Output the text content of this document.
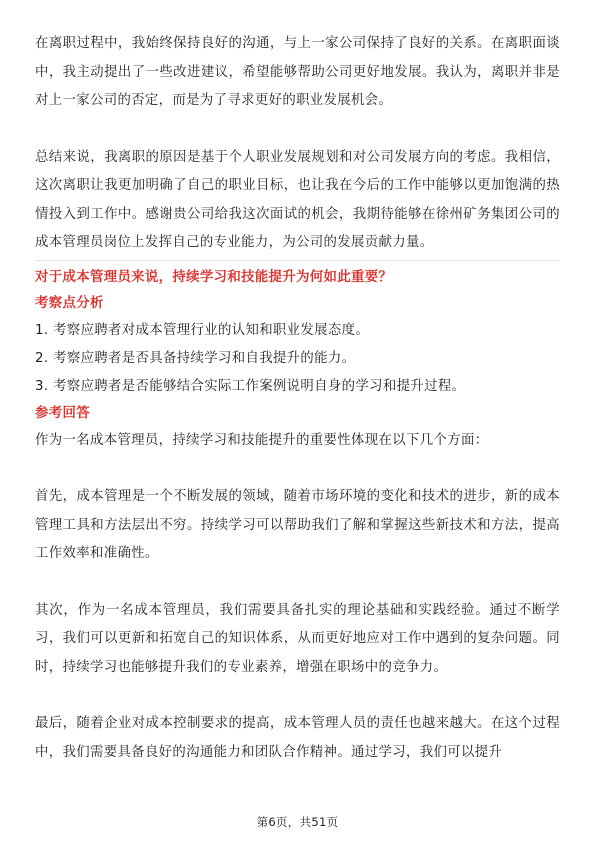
在离职过程中，我始终保持良好的沟通，与上一家公司保持了良好的关系。在离职面谈中，我主动提出了一些改进建议，希望能够帮助公司更好地发展。我认为，离职并非是对上一家公司的否定，而是为了寻求更好的职业发展机会。

总结来说，我离职的原因是基于个人职业发展规划和对公司发展方向的考虑。我相信，这次离职让我更加明确了自己的职业目标，也让我在今后的工作中能够以更加饱满的热情投入到工作中。感谢贵公司给我这次面试的机会，我期待能够在徐州矿务集团公司的成本管理员岗位上发挥自己的专业能力，为公司的发展贡献力量。

对于成本管理员来说，持续学习和技能提升为何如此重要？

考察点分析

1. 考察应聘者对成本管理行业的认知和职业发展态度。
2. 考察应聘者是否具备持续学习和自我提升的能力。
3. 考察应聘者是否能够结合实际工作案例说明自身的学习和提升过程。

参考回答

作为一名成本管理员，持续学习和技能提升的重要性体现在以下几个方面：

首先，成本管理是一个不断发展的领域，随着市场环境的变化和技术的进步，新的成本管理工具和方法层出不穷。持续学习可以帮助我们了解和掌握这些新技术和方法，提高工作效率和准确性。

其次，作为一名成本管理员，我们需要具备扎实的理论基础和实践经验。通过不断学习，我们可以更新和拓宽自己的知识体系，从而更好地应对工作中遇到的复杂问题。同时，持续学习也能够提升我们的专业素养，增强在职场中的竞争力。

最后，随着企业对成本控制要求的提高，成本管理人员的责任也越来越大。在这个过程中，我们需要具备良好的沟通能力和团队合作精神。通过学习，我们可以提升

第6页，共51页
